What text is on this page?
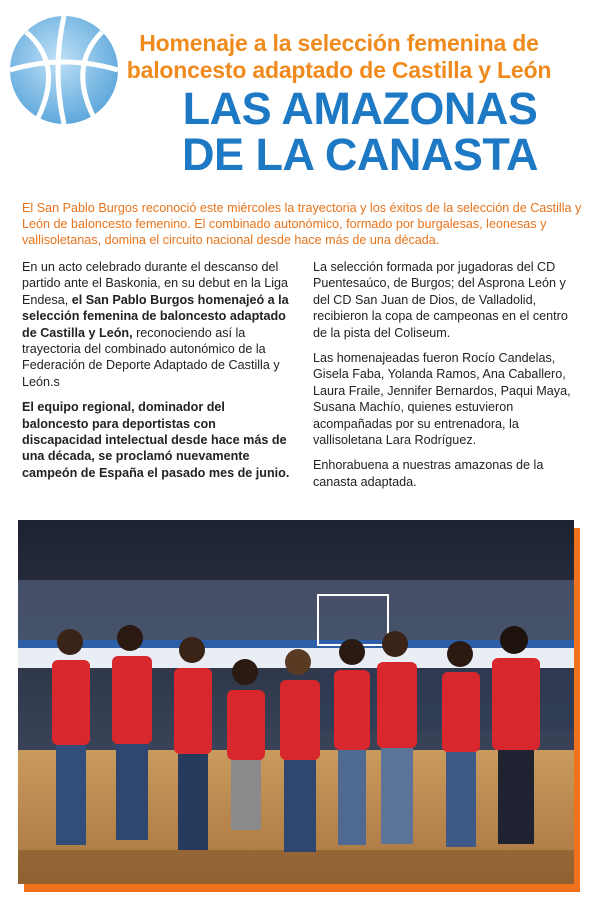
Homenaje a la selección femenina de
baloncesto adaptado de Castilla y León
LAS AMAZONAS
DE LA CANASTA
El San Pablo Burgos reconoció este miércoles la trayectoria y los éxitos de la selección de Castilla y León de baloncesto femenino. El combinado autonómico, formado por burgalesas, leonesas y vallisoletanas, domina el circuito nacional desde hace más de una década.

En un acto celebrado durante el descanso del partido ante el Baskonia, en su debut en la Liga Endesa, el San Pablo Burgos homenajeó a la selección femenina de baloncesto adaptado de Castilla y León, reconociendo así la trayectoria del combinado autonómico de la Federación de Deporte Adaptado de Castilla y León.s

El equipo regional, dominador del baloncesto para deportistas con discapacidad intelectual desde hace más de una década, se proclamó nuevamente campeón de España el pasado mes de junio.

La selección formada por jugadoras del CD Puentesaúco, de Burgos; del Asprona León y del CD San Juan de Dios, de Valladolid, recibieron la copa de campeonas en el centro de la pista del Coliseum.

Las homenajeadas fueron Rocío Candelas, Gisela Faba, Yolanda Ramos, Ana Caballero, Laura Fraile, Jennifer Bernardos, Paqui Maya, Susana Machío, quienes estuvieron acompañadas por su entrenadora, la vallisoletana Lara Rodríguez.

Enhorabuena a nuestras amazonas de la canasta adaptada.
